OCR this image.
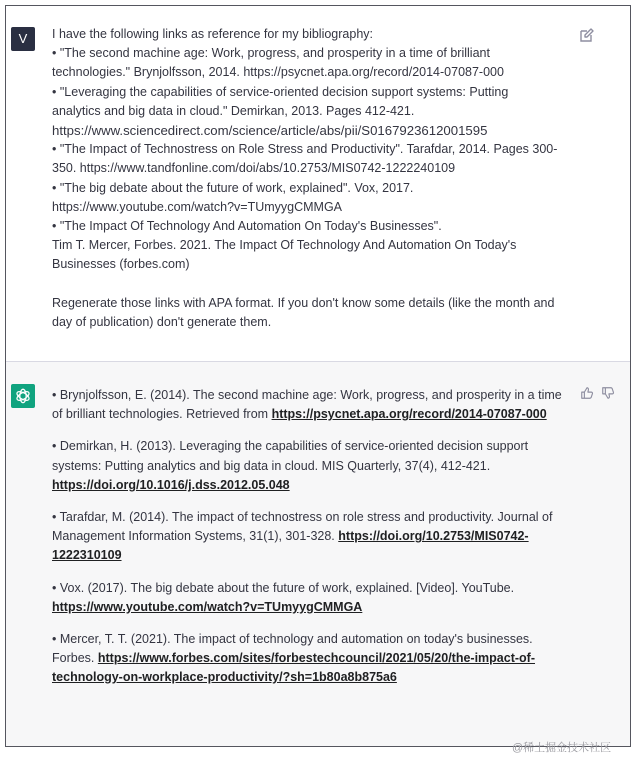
V	I have the following links as reference for my bibliography:
• "The second machine age: Work, progress, and prosperity in a time of brilliant
technologies." Brynjolfsson, 2014. https://psycnet.apa.org/record/2014-07087-000
• "Leveraging the capabilities of service-oriented decision support systems: Putting
analytics and big data in cloud." Demirkan, 2013. Pages 412-421.
https://www.sciencedirect.com/science/article/abs/pii/S0167923612001595
• "The Impact of Technostress on Role Stress and Productivity". Tarafdar, 2014. Pages 300-
350. https://www.tandfonline.com/doi/abs/10.2753/MIS0742-1222240109
• "The big debate about the future of work, explained". Vox, 2017.
https://www.youtube.com/watch?v=TUmyygCMMGA
• "The Impact Of Technology And Automation On Today's Businesses".
Tim T. Mercer, Forbes. 2021. The Impact Of Technology And Automation On Today's
Businesses (forbes.com)
Regenerate those links with APA format. If you don't know some details (like the month and
day of publication) don't generate them.
• Brynjolfsson, E. (2014). The second machine age: Work, progress, and prosperity in a time
of brilliant technologies. Retrieved from https://psycnet.apa.org/record/2014-07087-000
• Demirkan, H. (2013). Leveraging the capabilities of service-oriented decision support
systems: Putting analytics and big data in cloud. MIS Quarterly, 37(4), 412-421.
https://doi.org/10.1016/j.dss.2012.05.048
• Tarafdar, M. (2014). The impact of technostress on role stress and productivity. Journal of
Management Information Systems, 31(1), 301-328. https://doi.org/10.2753/MIS0742-
1222310109
• Vox. (2017). The big debate about the future of work, explained. [Video]. YouTube.
https://www.youtube.com/watch?v=TUmyygCMMGA
• Mercer, T. T. (2021). The impact of technology and automation on today's businesses.
Forbes. https://www.forbes.com/sites/forbestechcouncil/2021/05/20/the-impact-of-
technology-on-workplace-productivity/?sh=1b80a8b875a6
@稀土掘金技术社区
